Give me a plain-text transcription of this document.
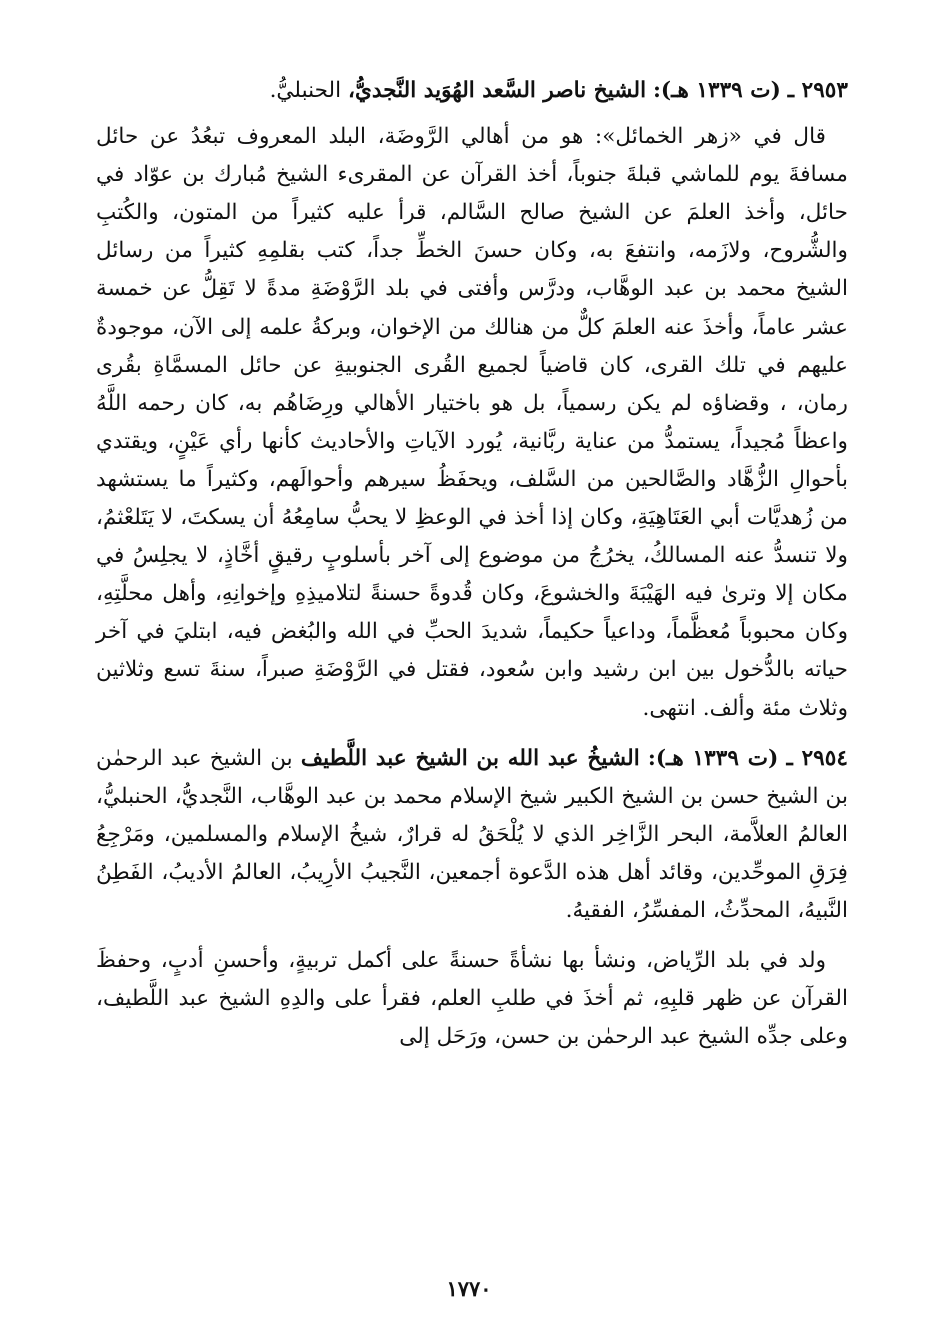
٢٩٥٣ ـ (ت ١٣٣٩ هـ): الشيخ ناصر السَّعد الهُوَيد النَّجديُّ، الحنبليُّ.

قال في «زهر الخمائل»: هو من أهالي الرَّوضَة، البلد المعروف تبعُدُ عن حائل مسافةَ يوم للماشي قبلةَ جنوباً، أخذ القرآن عن المقرىء الشيخ مُبارك بن عوّاد في حائل، وأخذ العلمَ عن الشيخ صالح السَّالم، قرأ عليه كثيراً من المتون، والكُتبِ والشُّروح، ولازَمه، وانتفعَ به، وكان حسنَ الخطِّ جداً، كتب بقلمِهِ كثيراً من رسائل الشيخ محمد بن عبد الوهَّاب، ودرَّس وأفتى في بلد الرَّوْضَةِ مدةً لا تَقِلُّ عن خمسة عشر عاماً، وأخذَ عنه العلمَ كلٌّ من هنالك من الإخوان، وبركةُ علمه إلى الآن، موجودةٌ عليهم في تلك القرى، كان قاضياً لجميع القُرى الجنوبيةِ عن حائل المسمَّاةِ بقُرى رمان، ، وقضاؤه لم يكن رسمياً، بل هو باختيار الأهالي ورِضَاهُم به، كان رحمه اللَّهُ واعظاً مُجيداً، يستمدُّ من عناية ربَّانية، يُورد الآياتِ والأحاديث كأنها رأي عَيْنٍ، ويقتدي بأحوالِ الزُّهَّاد والصَّالحين من السَّلف، ويحفَظُ سيرهم وأحوالَهم، وكثيراً ما يستشهد من زُهديَّات أبي العَتَاهِيَةِ، وكان إذا أخذ في الوعظِ لا يحبُّ سامِعُهُ أن يسكتَ، لا يَتَلعْثمُ، ولا تنسدُّ عنه المسالكُ، يخرُجُ من موضوع إلى آخر بأسلوبٍ رقيقٍ أخَّاذٍ، لا يجلِسُ في مكان إلا وترىٰ فيه الهَيْبَةَ والخشوعَ، وكان قُدوةً حسنةً لتلاميذِهِ وإخوانِهِ، وأهل محلَّتِهِ، وكان محبوباً مُعظَّماً، وداعياً حكيماً، شديدَ الحبِّ في الله والبُغض فيه، ابتليَ في آخر حياته بالدُّخول بين ابن رشيد وابن سُعود، فقتل في الرَّوْضَةِ صبراً، سنةَ تسع وثلاثين وثلاث مئة وألف. انتهى.

٢٩٥٤ ـ (ت ١٣٣٩ هـ): الشيخُ عبد الله بن الشيخ عبد اللَّطيف بن الشيخ عبد الرحمٰن بن الشيخ حسن بن الشيخ الكبير شيخ الإسلام محمد بن عبد الوهَّاب، النَّجديُّ، الحنبليُّ، العالمُ العلاَّمة، البحر الزَّاخِر الذي لا يُلْحَقُ له قرارٌ، شيخُ الإسلام والمسلمين، ومَرْجِعُ فِرَقِ الموحِّدين، وقائد أهل هذه الدَّعوة أجمعين، النَّجيبُ الأرِيبُ، العالمُ الأديبُ، الفَطِنُ النَّبيهُ، المحدِّثُ، المفسِّرُ، الفقيهُ.

ولد في بلد الرِّياض، ونشأ بها نشأةً حسنةً على أكمل تربيةٍ، وأحسنِ أدبٍ، وحفظَ القرآن عن ظهر قلبِهِ، ثم أخذَ في طلبِ العلم، فقرأ على والدِهِ الشيخ عبد اللَّطيف، وعلى جدِّه الشيخ عبد الرحمٰن بن حسن، ورَحَل إلى

١٧٧٠
